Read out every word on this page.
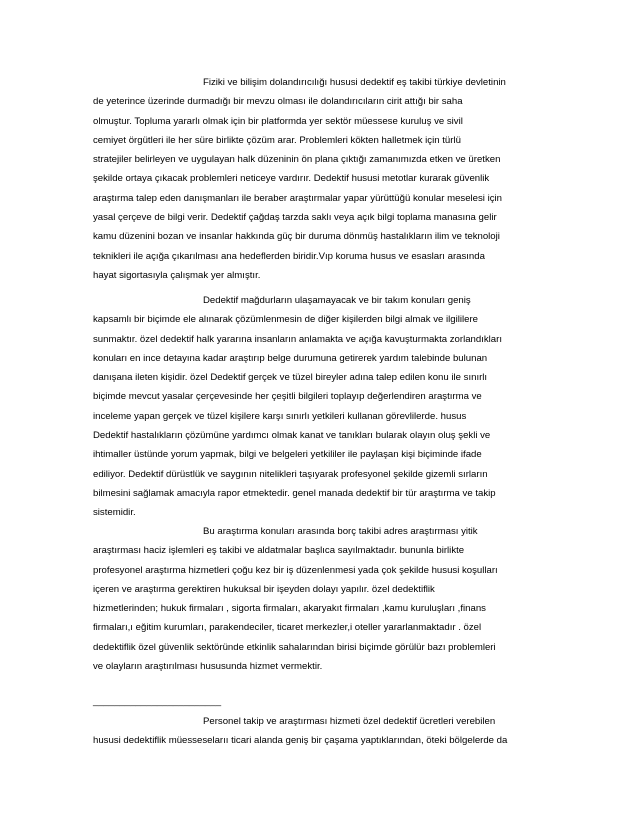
Fiziki ve bilişim dolandırıcılığı hususi dedektif eş takibi türkiye devletinin
de yeterince üzerinde durmadığı bir mevzu olması ile dolandırıcıların cirit attığı bir saha
olmuştur. Topluma yararlı olmak için bir platformda yer sektör müessese kuruluş ve sivil
cemiyet örgütleri ile her süre birlikte çözüm arar. Problemleri kökten halletmek için türlü
stratejiler belirleyen ve uygulayan halk düzeninin ön plana çıktığı zamanımızda etken ve üretken
şekilde ortaya çıkacak problemleri neticeye vardırır. Dedektif hususi metotlar kurarak güvenlik
araştırma talep eden danışmanları ile beraber araştırmalar yapar yürüttüğü konular meselesi için
yasal çerçeve de bilgi verir. Dedektif çağdaş tarzda saklı veya açık bilgi toplama manasına gelir
kamu düzenini bozan ve insanlar hakkında güç bir duruma dönmüş hastalıkların ilim ve teknoloji
teknikleri ile açığa çıkarılması ana hedeflerden biridir.Vıp koruma husus ve esasları arasında
hayat sigortasıyla çalışmak yer almıştır.
Dedektif mağdurların ulaşamayacak ve bir takım konuları geniş
kapsamlı bir biçimde ele alınarak çözümlenmesin de diğer kişilerden bilgi almak ve ilgililere
sunmaktır. özel dedektif halk yararına insanların anlamakta ve açığa kavuşturmakta zorlandıkları
konuları en ince detayına kadar araştırıp belge durumuna getirerek yardım talebinde bulunan
danışana ileten kişidir. özel Dedektif gerçek ve tüzel bireyler adına talep edilen konu ile sınırlı
biçimde mevcut yasalar çerçevesinde her çeşitli bilgileri toplayıp değerlendiren araştırma ve
inceleme yapan gerçek ve tüzel kişilere karşı sınırlı yetkileri kullanan görevlilerde. husus
Dedektif hastalıkların çözümüne yardımcı olmak kanat ve tanıkları bularak olayın oluş şekli ve
ihtimaller üstünde yorum yapmak, bilgi ve belgeleri yetkililer ile paylaşan kişi biçiminde ifade
ediliyor. Dedektif dürüstlük ve saygının nitelikleri taşıyarak profesyonel şekilde gizemli sırların
bilmesini sağlamak amacıyla rapor etmektedir. genel manada dedektif bir tür araştırma ve takip
sistemidir.
Bu araştırma konuları arasında borç takibi adres araştırması yitik
araştırması haciz işlemleri eş takibi ve aldatmalar başlıca sayılmaktadır. bununla birlikte
profesyonel araştırma hizmetleri çoğu kez bir iş düzenlenmesi yada çok şekilde hususi koşulları
içeren ve araştırma gerektiren hukuksal bir işeyden dolayı yapılır. özel dedektiflik
hizmetlerinden; hukuk firmaları , sigorta firmaları, akaryakıt firmaları ,kamu kuruluşları ,finans
firmaları,ı eğitim kurumları, parakendeciler, ticaret merkezler,i oteller yararlanmaktadır . özel
dedektiflik özel güvenlik sektöründe etkinlik sahalarından birisi biçimde görülür bazı problemleri
ve olayların araştırılması hususunda hizmet vermektir.
________________________
Personel takip ve araştırması hizmeti özel dedektif ücretleri verebilen
hususi dedektiflik müesseselarıı ticari alanda geniş bir çaşama yaptıklarından, öteki bölgelerde da
